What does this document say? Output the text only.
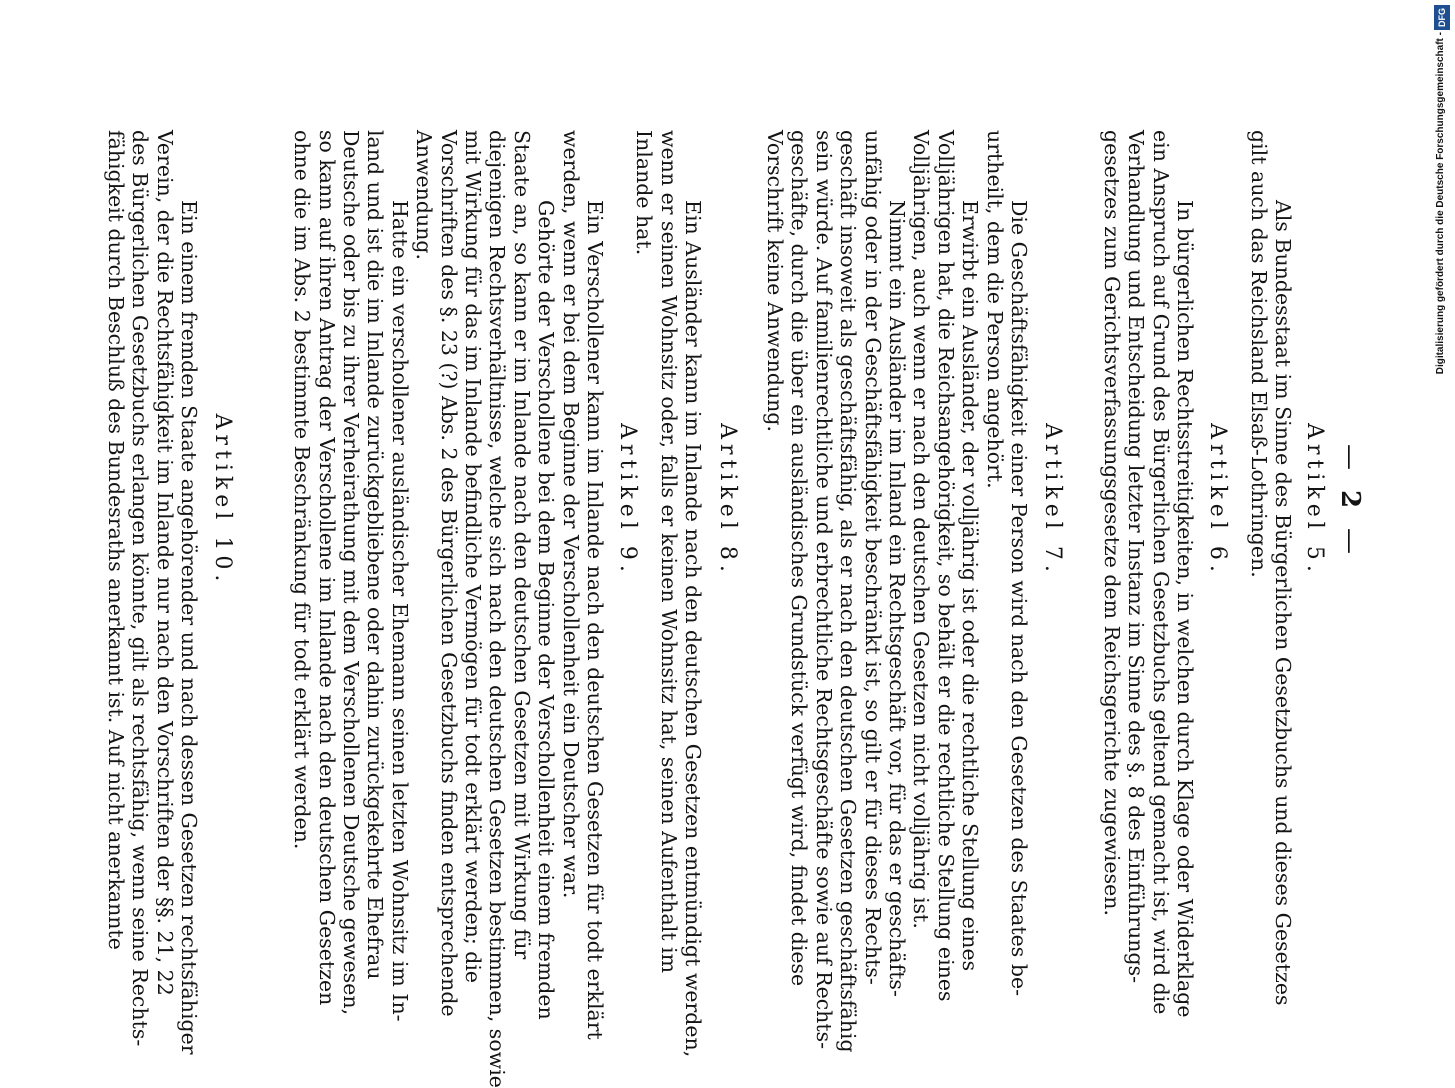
—2—
Artikel 5.
Als Bundesstaat im Sinne des Bürgerlichen Gesetzbuchs und dieses Gesetzes
gilt auch das Reichsland Elsaß-Lothringen.
Artikel 6.
In bürgerlichen Rechtsstreitigkeiten, in welchen durch Klage oder Widerklage
ein Anspruch auf Grund des Bürgerlichen Gesetzbuchs geltend gemacht ist, wird die
Verhandlung und Entscheidung letzter Instanz im Sinne des §. 8 des Einführungs-
gesetzes zum Gerichtsverfassungsgesetze dem Reichsgerichte zugewiesen.
Artikel 7.
Die Geschäftsfähigkeit einer Person wird nach den Gesetzen des Staates be-
urtheilt, dem die Person angehört.
Erwirbt ein Ausländer, der volljährig ist oder die rechtliche Stellung eines
Volljährigen hat, die Reichsangehörigkeit, so behält er die rechtliche Stellung eines
Volljährigen, auch wenn er nach den deutschen Gesetzen nicht volljährig ist.
Nimmt ein Ausländer im Inland ein Rechtsgeschäft vor, für das er geschäfts-
unfähig oder in der Geschäftsfähigkeit beschränkt ist, so gilt er für dieses Rechts-
geschäft insoweit als geschäftsfähig, als er nach den deutschen Gesetzen geschäftsfähig
sein würde. Auf familienrechtliche und erbrechtliche Rechtsgeschäfte sowie auf Rechts-
geschäfte, durch die über ein ausländisches Grundstück verfügt wird, findet diese
Vorschrift keine Anwendung.
Artikel 8.
Ein Ausländer kann im Inlande nach den deutschen Gesetzen entmündigt werden,
wenn er seinen Wohnsitz oder, falls er keinen Wohnsitz hat, seinen Aufenthalt im
Inlande hat.
Artikel 9.
Ein Verschollener kann im Inlande nach den deutschen Gesetzen für todt erklärt
werden, wenn er bei dem Beginne der Verschollenheit ein Deutscher war.
Gehörte der Verschollene bei dem Beginne der Verschollenheit einem fremden
Staate an, so kann er im Inlande nach den deutschen Gesetzen mit Wirkung für
diejenigen Rechtsverhältnisse, welche sich nach den deutschen Gesetzen bestimmen, sowie
mit Wirkung für das im Inlande befindliche Vermögen für todt erklärt werden; die
Vorschriften des §. 23 (?) Abs. 2 des Bürgerlichen Gesetzbuchs finden entsprechende
Anwendung.
Hatte ein verschollener ausländischer Ehemann seinen letzten Wohnsitz im In-
land und ist die im Inlande zurückgebliebene oder dahin zurückgekehrte Ehefrau
Deutsche oder bis zu ihrer Verheirathung mit dem Verschollenen Deutsche gewesen,
so kann auf ihren Antrag der Verschollene im Inlande nach den deutschen Gesetzen
ohne die im Abs. 2 bestimmte Beschränkung für todt erklärt werden.
Artikel 10.
Ein einem fremden Staate angehörender und nach dessen Gesetzen rechtsfähiger
Verein, der die Rechtsfähigkeit im Inlande nur nach den Vorschriften der §§. 21, 22
des Bürgerlichen Gesetzbuchs erlangen könnte, gilt als rechtsfähig, wenn seine Rechts-
fähigkeit durch Beschluß des Bundesraths anerkannt ist. Auf nicht anerkannte	Digitalisierung gefördert durch die Deutsche Forschungsgemeinschaft -
DFG
